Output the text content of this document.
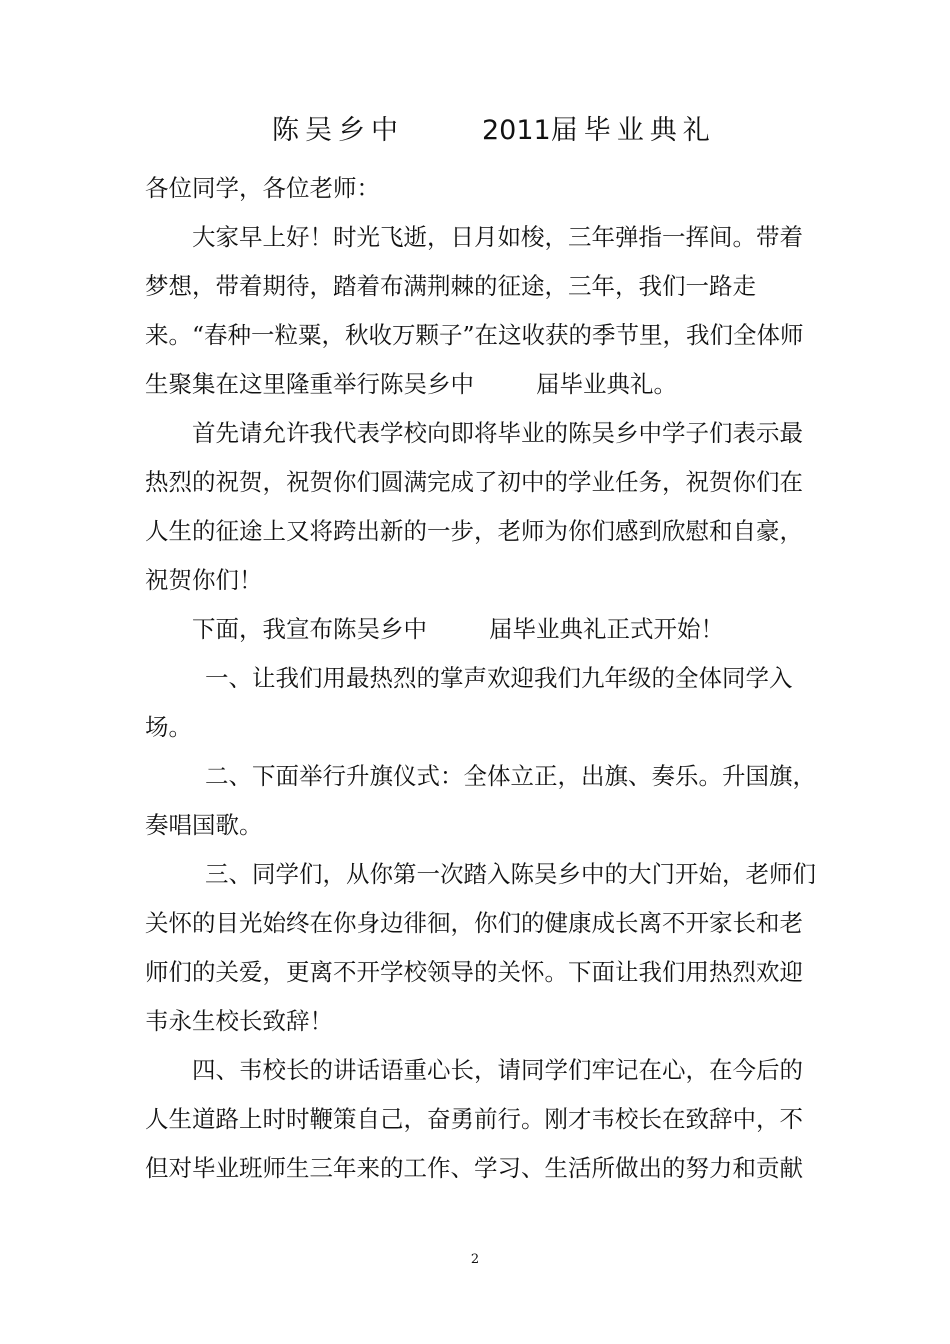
陈吴乡中	2011届毕业典礼

各位同学，各位老师：

大家早上好！时光飞逝，日月如梭，三年弹指一挥间。带着梦想，带着期待，踏着布满荆棘的征途，三年，我们一路走来。“春种一粒粟，秋收万颗子”在这收获的季节里，我们全体师生聚集在这里隆重举行陈吴乡中	届毕业典礼。

首先请允许我代表学校向即将毕业的陈吴乡中学子们表示最热烈的祝贺，祝贺你们圆满完成了初中的学业任务，祝贺你们在人生的征途上又将跨出新的一步，老师为你们感到欣慰和自豪，祝贺你们！

下面，我宣布陈吴乡中	届毕业典礼正式开始！

一、让我们用最热烈的掌声欢迎我们九年级的全体同学入场。

二、下面举行升旗仪式：全体立正，出旗、奏乐。升国旗，奏唱国歌。

三、同学们，从你第一次踏入陈吴乡中的大门开始，老师们关怀的目光始终在你身边徘徊，你们的健康成长离不开家长和老师们的关爱，更离不开学校领导的关怀。下面让我们用热烈欢迎韦永生校长致辞！

四、韦校长的讲话语重心长，请同学们牢记在心，在今后的人生道路上时时鞭策自己，奋勇前行。刚才韦校长在致辞中，不但对毕业班师生三年来的工作、学习、生活所做出的努力和贡献

2
